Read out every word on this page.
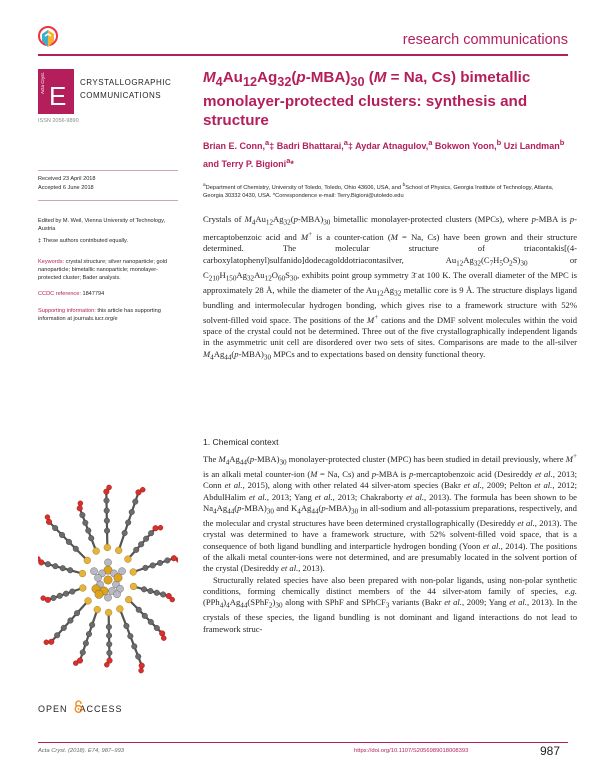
research communications
Acta Cryst. E CRYSTALLOGRAPHIC
COMMUNICATIONS
ISSN 2056-9890
$M_4Au_{12}Ag_{32}(p-MBA)_{30}$ (M = Na, Cs) bimetallic monolayer-protected clusters: synthesis and structure
Brian E. Conn,$^a$‡ Badri Bhattarai,$^a$‡ Aydar Atnagulov,$^a$ Bokwon Yoon,$^b$ Uzi Landman$^b$ and Terry P. Bigioni$^a$*
$^a$Department of Chemistry, University of Toledo, Toledo, Ohio 43606, USA, and $^b$School of Physics, Georgia Institute of Technology, Atlanta, Georgia 30332 0430, USA. *Correspondence e-mail: Terry.Bigioni@utoledo.edu
Received 23 April 2018
Accepted 6 June 2018
Edited by M. Weil, Vienna University of Technology, Austria
‡ These authors contributed equally.
Keywords: crystal structure; silver nanoparticle; gold nanoparticle; bimetallic nanoparticle; monolayer-protected cluster; Bader analysis.
CCDC reference: 1847794
Supporting information: this article has supporting information at journals.iucr.org/e
Crystals of $M_4Au_{12}Ag_{32}(p-MBA)_{30}$ bimetallic monolayer-protected clusters (MPCs), where p-MBA is p-mercaptobenzoic acid and M+ is a counter-cation (M = Na, Cs) have been grown and their structure determined. The molecular structure of triacontakis[(4-carboxylatophenyl)sulfanido]dodecagolddotriacontasilver, $Au_{12}Ag_{32}(C_7H_5O_2S)_{30}$ or $C_{210}H_{150}Ag_{32}Au_{12}O_{60}S_{30}$, exhibits point group symmetry 3̄ at 100 K. The overall diameter of the MPC is approximately 28 Å, while the diameter of the $Au_{12}Ag_{32}$ metallic core is 9 Å. The structure displays ligand bundling and intermolecular hydrogen bonding, which gives rise to a framework structure with 52% solvent-filled void space. The positions of the M+ cations and the DMF solvent molecules within the void space of the crystal could not be determined. Three out of the five crystallographically independent ligands in the asymmetric unit cell are disordered over two sets of sites. Comparisons are made to the all-silver $M_4Ag_{44}(p-MBA)_{30}$ MPCs and to expectations based on density functional theory.
1. Chemical context

The $M_4Ag_{44}(p-MBA)_{30}$ monolayer-protected cluster (MPC) has been studied in detail previously, where M+ is an alkali metal counter-ion (M = Na, Cs) and p-MBA is p-mercaptobenzoic acid (Desireddy et al., 2013; Conn et al., 2015), along with other related 44 silver-atom species (Bakr et al., 2009; Pelton et al., 2012; AbdulHalim et al., 2013; Yang et al., 2013; Chakraborty et al., 2013). The formula has been shown to be $Na_4Ag_{44}(p-MBA)_{30}$ and $K_4Ag_{44}(p-MBA)_{30}$ in all-sodium and all-potassium preparations, respectively, and the molecular and crystal structures have been determined crystallographically (Desireddy et al., 2013). The crystal was determined to have a framework structure, with 52% solvent-filled void space, that is a consequence of both ligand bundling and interparticle hydrogen bonding (Yoon et al., 2014). The positions of the alkali metal counter-ions were not determined, and are presumably located in the solvent portion of the crystal (Desireddy et al., 2013).

Structurally related species have also been prepared with non-polar ligands, using non-polar synthetic conditions, forming chemically distinct members of the 44 silver-atom family of species, e.g. $(PPh_4)_4Ag_{44}(SPhF_2)_{30}$ along with SPhF and SPhCF$_3$ variants (Bakr et al., 2009; Yang et al., 2013). In the crystals of these species, the ligand bundling is not dominant and ligand interactions do not lead to framework struc-

OPEN ACCESS
Acta Cryst. (2018). E74, 987–993	https://doi.org/10.1107/S2056989018008393	987
